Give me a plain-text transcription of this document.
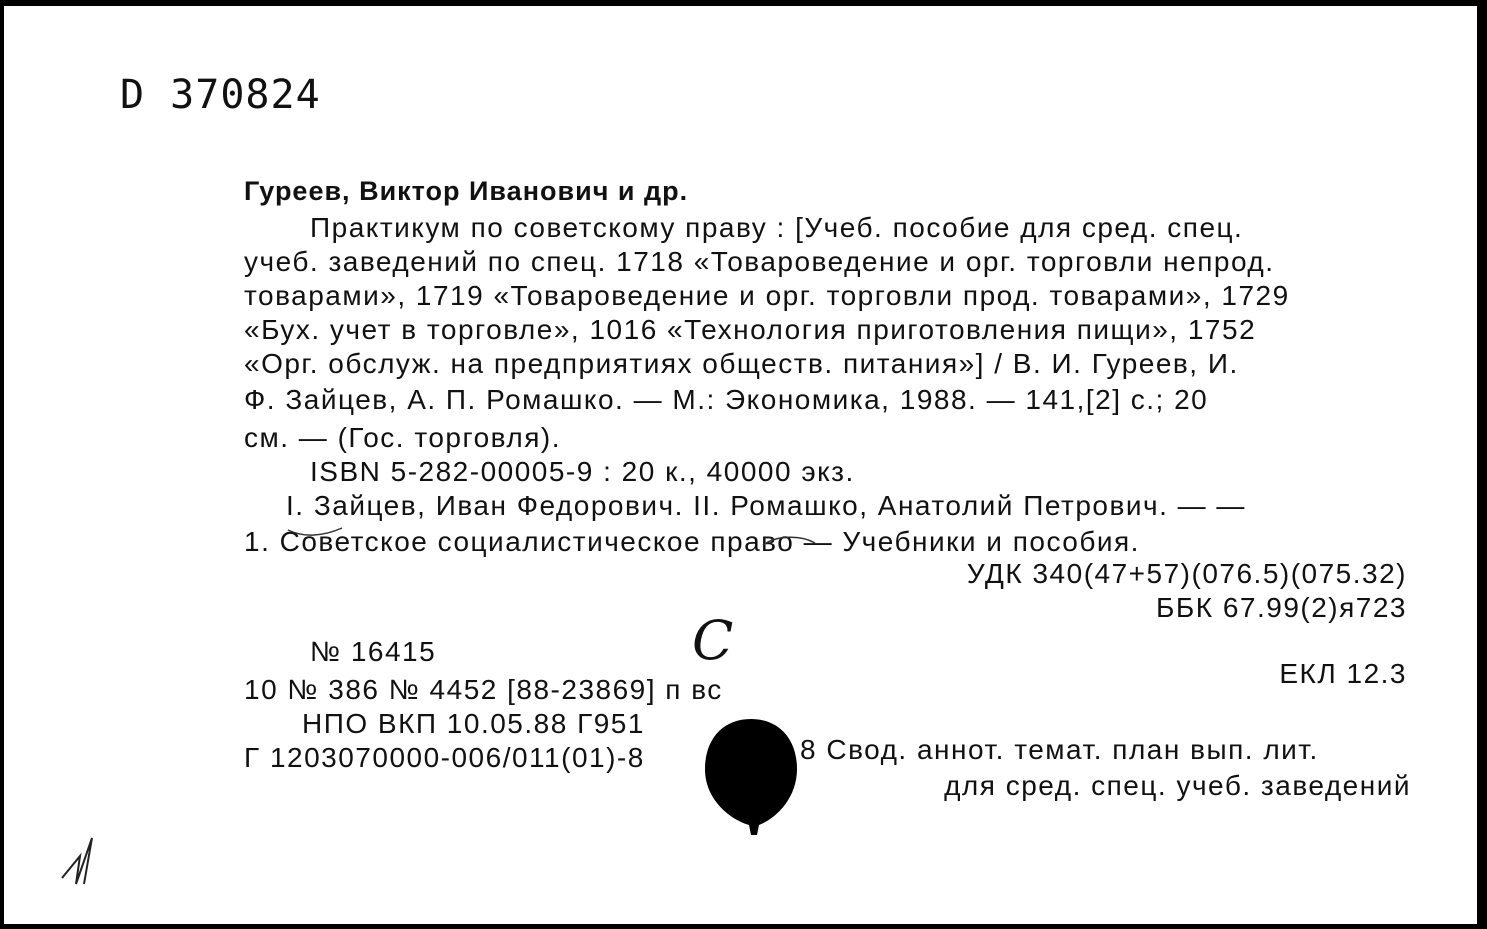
D 370824
Гуреев, Виктор Иванович и др.
Практикум по советскому праву : [Учеб. пособие для сред. спец.
учеб. заведений по спец. 1718 «Товароведение и орг. торговли непрод.
товарами», 1719 «Товароведение и орг. торговли прод. товарами», 1729
«Бух. учет в торговле», 1016 «Технология приготовления пищи», 1752
«Орг. обслуж. на предприятиях обществ. питания»] / В. И. Гуреев, И.
Ф. Зайцев, А. П. Ромашко. — М.: Экономика, 1988. — 141,[2] с.; 20
см. — (Гос. торговля).
ISBN 5-282-00005-9 : 20 к., 40000 экз.
I. Зайцев, Иван Федорович. II. Ромашко, Анатолий Петрович. — —
1. Советское социалистическое право — Учебники и пособия.
УДК 340(47+57)(076.5)(075.32)
ББК 67.99(2)я723
С
№ 16415
10 № 386 № 4452 [88-23869] п вс
ЕКЛ 12.3
НПО ВКП 10.05.88 Г951
Г 1203070000-006/011(01)-8	8 Свод. аннот. темат. план вып. лит.
для сред. спец. учеб. заведений
